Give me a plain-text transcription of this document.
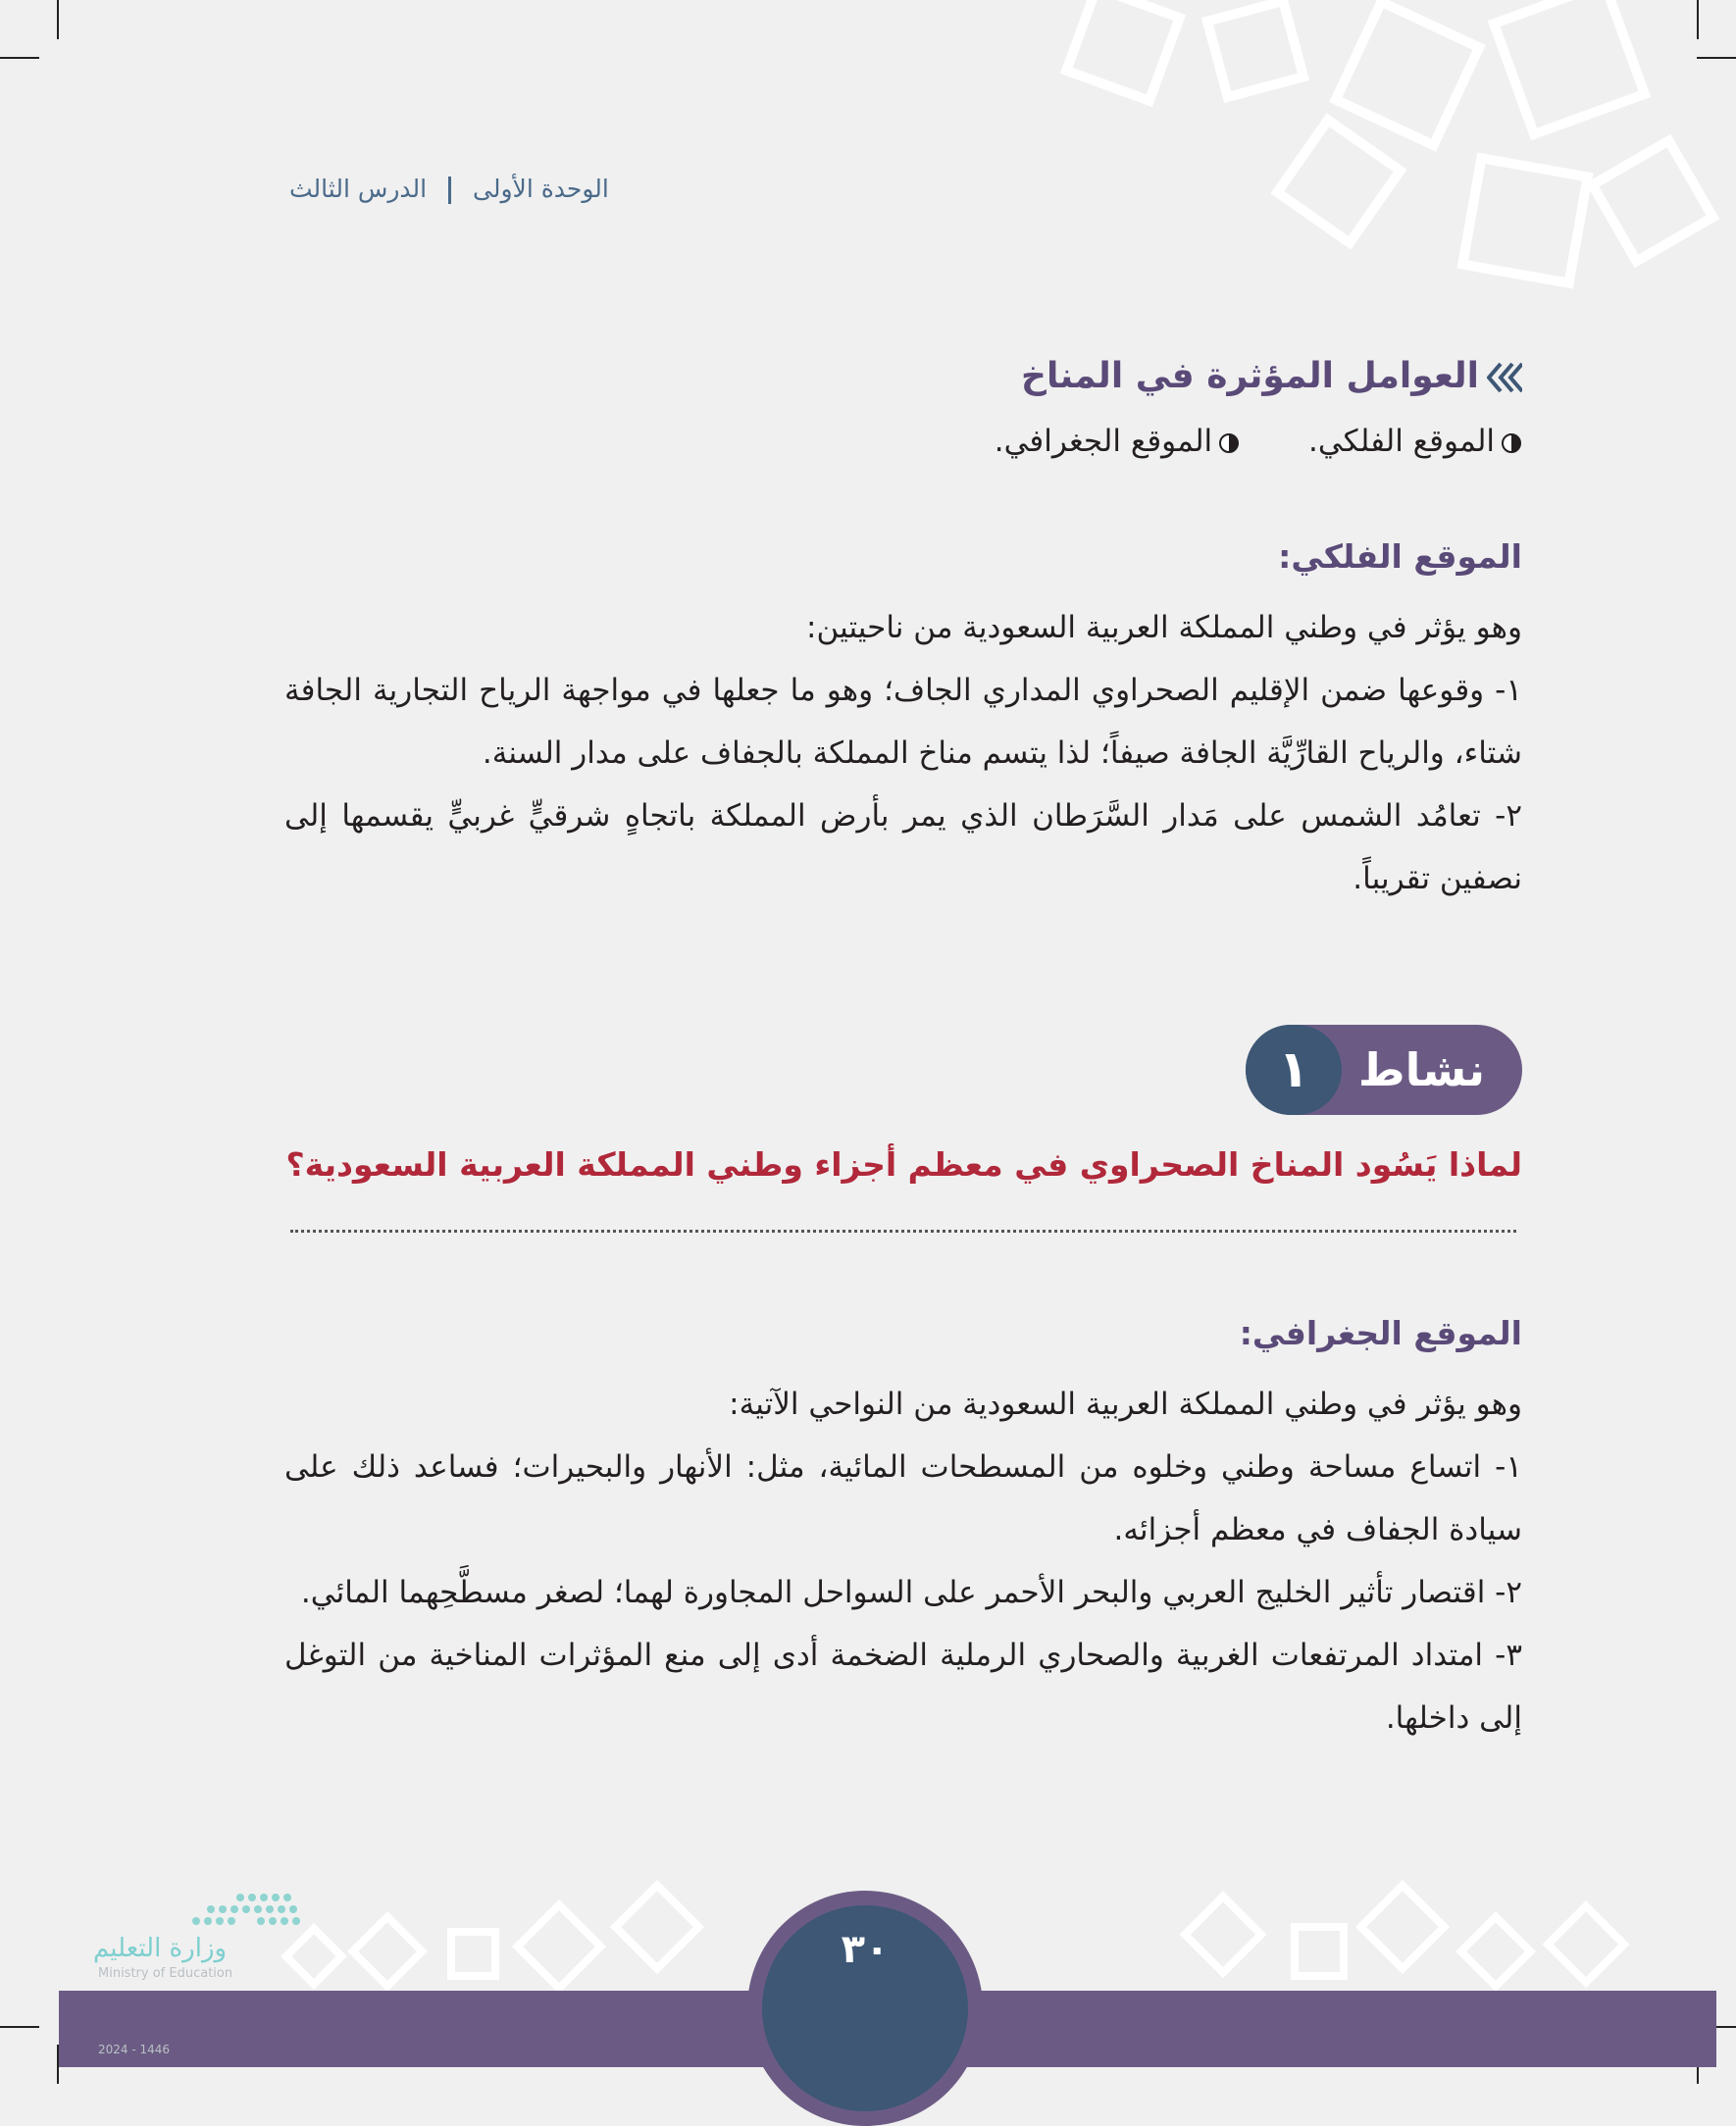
الوحدة الأولى  الدرس الثالث
العوامل المؤثرة في المناخ
الموقع الفلكي. الموقع الجغرافي.
الموقع الفلكي:
وهو يؤثر في وطني المملكة العربية السعودية من ناحيتين:
١- وقوعها ضمن الإقليم الصحراوي المداري الجاف؛ وهو ما جعلها في مواجهة الرياح التجارية الجافة شتاء، والرياح القارِّيَّة الجافة صيفاً؛ لذا يتسم مناخ المملكة بالجفاف على مدار السنة.
٢- تعامُد الشمس على مَدار السَّرَطان الذي يمر بأرض المملكة باتجاهٍ شرقيٍّ غربيٍّ يقسمها إلى نصفين تقريباً.
نشاط
١
لماذا يَسُود المناخ الصحراوي في معظم أجزاء وطني المملكة العربية السعودية؟
الموقع الجغرافي:
وهو يؤثر في وطني المملكة العربية السعودية من النواحي الآتية:
١- اتساع مساحة وطني وخلوه من المسطحات المائية، مثل: الأنهار والبحيرات؛ فساعد ذلك على سيادة الجفاف في معظم أجزائه.
٢- اقتصار تأثير الخليج العربي والبحر الأحمر على السواحل المجاورة لهما؛ لصغر مسطَّحِهما المائي.
٣- امتداد المرتفعات الغربية والصحاري الرملية الضخمة أدى إلى منع المؤثرات المناخية من التوغل إلى داخلها.
٣٠
وزارة التعليم
Ministry of Education
2024 - 1446
